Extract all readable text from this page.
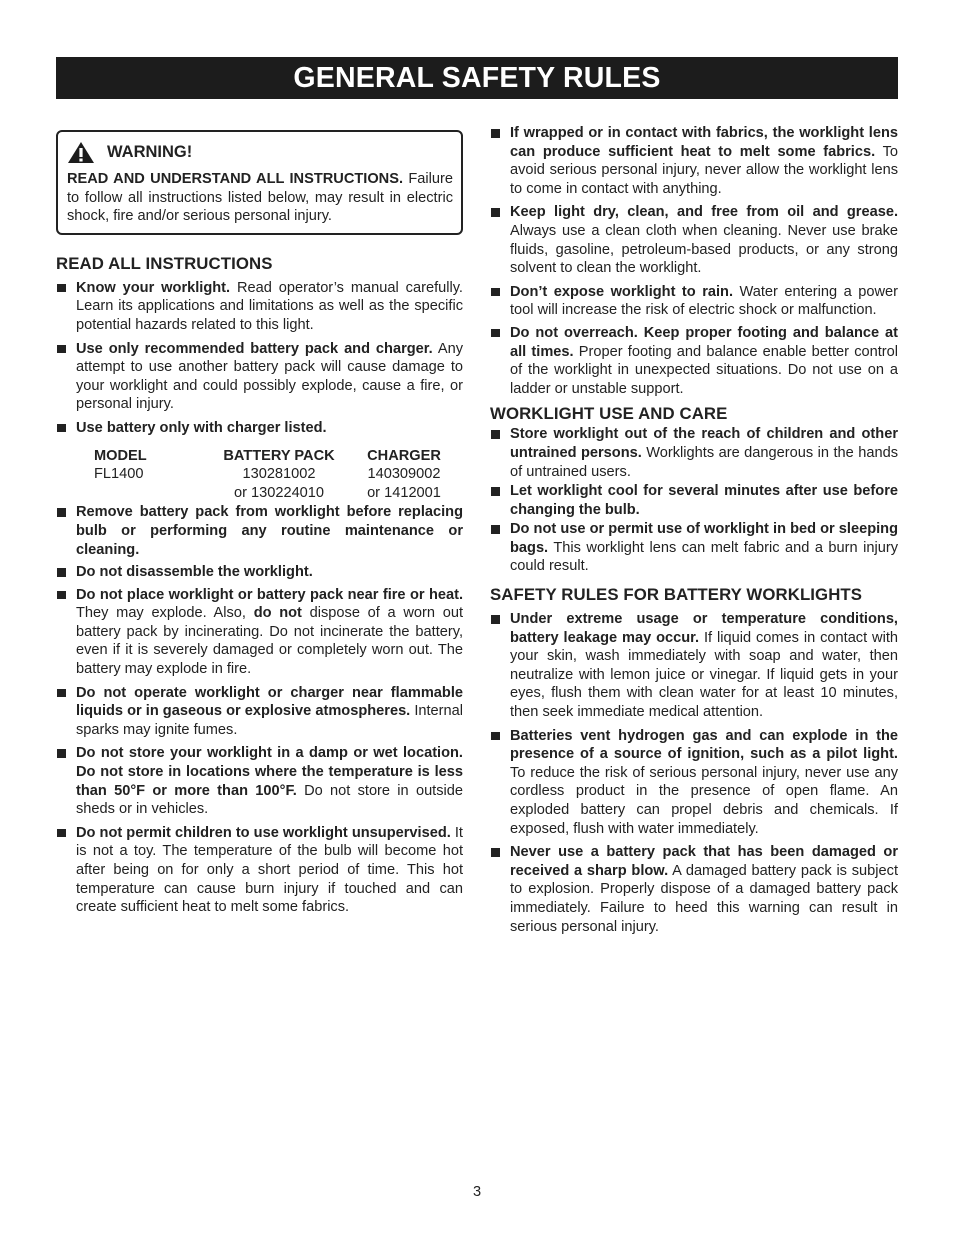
GENERAL SAFETY RULES
WARNING!
READ AND UNDERSTAND ALL INSTRUCTIONS. Failure to follow all instructions listed below, may result in electric shock, fire and/or serious personal injury.
READ ALL INSTRUCTIONS
Know your worklight. Read operator’s manual carefully. Learn its applications and limitations as well as the specific potential hazards related to this light.
Use only recommended battery pack and charger. Any attempt to use another battery pack will cause damage to your worklight and could possibly explode, cause a fire, or personal injury.
Use battery only with charger listed.
MODEL	BATTERY PACK	CHARGER
FL1400	130281002	140309002
	or 130224010	or 1412001
Remove battery pack from worklight before replacing bulb or performing any routine maintenance or cleaning.
Do not disassemble the worklight.
Do not place worklight or battery pack near fire or heat. They may explode. Also, do not dispose of a worn out battery pack by incinerating. Do not incinerate the battery, even if it is severely damaged or completely worn out. The battery may explode in fire.
Do not operate worklight or charger near flammable liquids or in gaseous or explosive atmospheres. Internal sparks may ignite fumes.
Do not store your worklight in a damp or wet location. Do not store in locations where the temperature is less than 50°F or more than 100°F. Do not store in outside sheds or in vehicles.
Do not permit children to use worklight unsupervised. It is not a toy. The temperature of the bulb will become hot after being on for only a short period of time. This hot temperature can cause burn injury if touched and can create sufficient heat to melt some fabrics.
If wrapped or in contact with fabrics, the worklight lens can produce sufficient heat to melt some fabrics. To avoid serious personal injury, never allow the worklight lens to come in contact with anything.
Keep light dry, clean, and free from oil and grease. Always use a clean cloth when cleaning. Never use brake fluids, gasoline, petroleum-based products, or any strong solvent to clean the worklight.
Don’t expose worklight to rain. Water entering a power tool will increase the risk of electric shock or malfunction.
Do not overreach. Keep proper footing and balance at all times. Proper footing and balance enable better control of the worklight in unexpected situations. Do not use on a ladder or unstable support.
WORKLIGHT USE AND CARE
Store worklight out of the reach of children and other untrained persons. Worklights are dangerous in the hands of untrained users.
Let worklight cool for several minutes after use before changing the bulb.
Do not use or permit use of worklight in bed or sleeping bags. This worklight lens can melt fabric and a burn injury could result.
SAFETY RULES FOR BATTERY WORKLIGHTS
Under extreme usage or temperature conditions, battery leakage may occur. If liquid comes in contact with your skin, wash immediately with soap and water, then neutralize with lemon juice or vinegar. If liquid gets in your eyes, flush them with clean water for at least 10 minutes, then seek immediate medical attention.
Batteries vent hydrogen gas and can explode in the presence of a source of ignition, such as a pilot light. To reduce the risk of serious personal injury, never use any cordless product in the presence of open flame. An exploded battery can propel debris and chemicals. If exposed, flush with water immediately.
Never use a battery pack that has been damaged or received a sharp blow. A damaged battery pack is subject to explosion. Properly dispose of a damaged battery pack immediately. Failure to heed this warning can result in serious personal injury.
3
